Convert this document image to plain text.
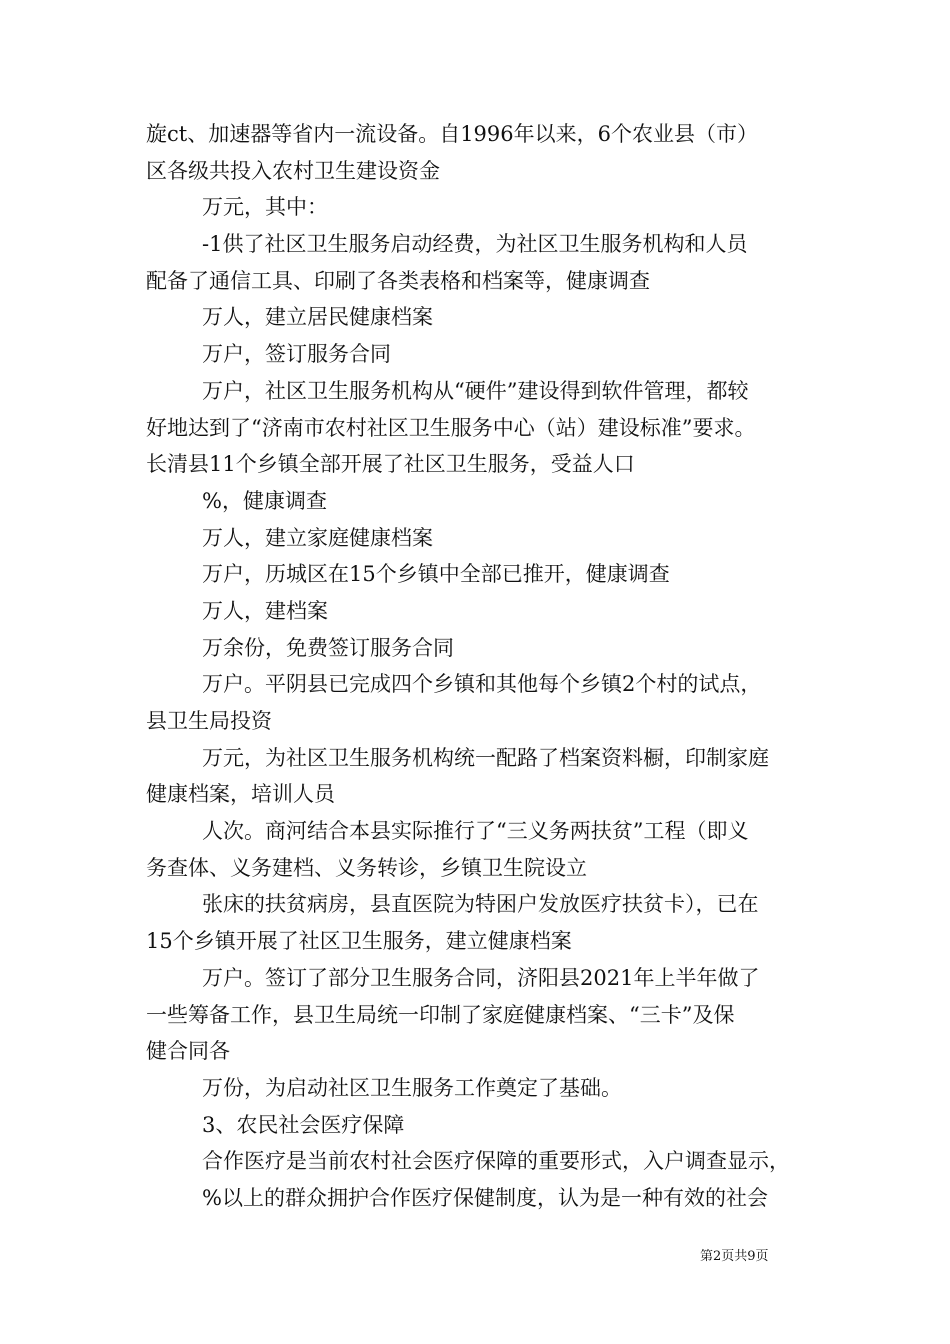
旋ct、加速器等省内一流设备。自1996年以来，6个农业县（市）
区各级共投入农村卫生建设资金
万元，其中：
-1供了社区卫生服务启动经费，为社区卫生服务机构和人员
配备了通信工具、印刷了各类表格和档案等，健康调查
万人，建立居民健康档案
万户，签订服务合同
万户，社区卫生服务机构从“硬件”建设得到软件管理，都较
好地达到了“济南市农村社区卫生服务中心（站）建设标准”要求。
长清县11个乡镇全部开展了社区卫生服务，受益人口
%，健康调查
万人，建立家庭健康档案
万户，历城区在15个乡镇中全部已推开，健康调查
万人，建档案
万余份，免费签订服务合同
万户。平阴县已完成四个乡镇和其他每个乡镇2个村的试点，
县卫生局投资
万元，为社区卫生服务机构统一配路了档案资料橱，印制家庭
健康档案，培训人员
人次。商河结合本县实际推行了“三义务两扶贫”工程（即义
务查体、义务建档、义务转诊，乡镇卫生院设立
张床的扶贫病房，县直医院为特困户发放医疗扶贫卡），已在
15个乡镇开展了社区卫生服务，建立健康档案
万户。签订了部分卫生服务合同，济阳县2021年上半年做了
一些筹备工作，县卫生局统一印制了家庭健康档案、“三卡”及保
健合同各
万份，为启动社区卫生服务工作奠定了基础。
3、农民社会医疗保障
合作医疗是当前农村社会医疗保障的重要形式，入户调查显示，
%以上的群众拥护合作医疗保健制度，认为是一种有效的社会
第2页共9页
